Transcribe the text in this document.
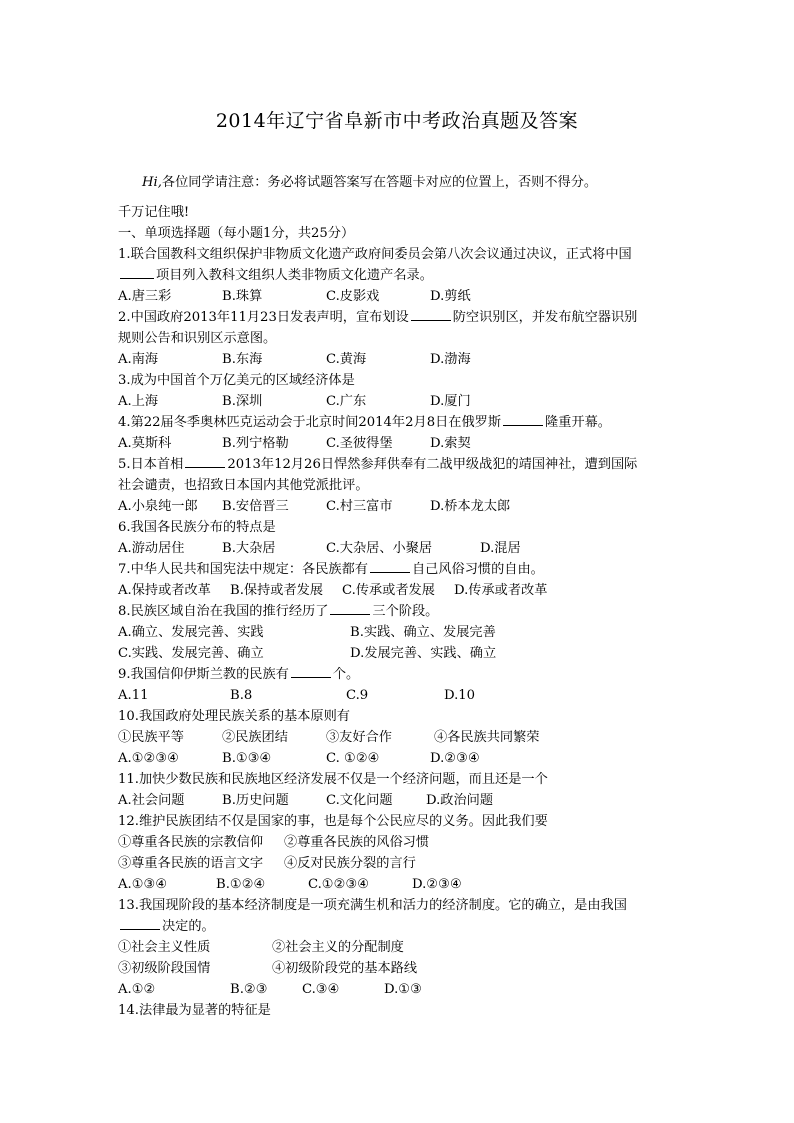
2014年辽宁省阜新市中考政治真题及答案
Hi,各位同学请注意：务必将试题答案写在答题卡对应的位置上，否则不得分。
千万记住哦!
一、单项选择题（每小题1分，共25分）
1.联合国教科文组织保护非物质文化遗产政府间委员会第八次会议通过决议，正式将中国
项目列入教科文组织人类非物质文化遗产名录。
A.唐三彩	B.珠算	C.皮影戏	D.剪纸
2.中国政府2013年11月23日发表声明，宣布划设	防空识别区，并发布航空器识别
规则公告和识别区示意图。
A.南海	B.东海	C.黄海	D.渤海
3.成为中国首个万亿美元的区域经济体是
A.上海	B.深圳	C.广东	D.厦门
4.第22届冬季奥林匹克运动会于北京时间2014年2月8日在俄罗斯	隆重开幕。
A.莫斯科	B.列宁格勒	C.圣彼得堡	D.索契
5.日本首相	2013年12月26日悍然参拜供奉有二战甲级战犯的靖国神社，遭到国际
社会谴责，也招致日本国内其他党派批评。
A.小泉纯一郎	B.安倍晋三	C.村三富市	D.桥本龙太郎
6.我国各民族分布的特点是
A.游动居住	B.大杂居	C.大杂居、小聚居	D.混居
7.中华人民共和国宪法中规定：各民族都有	自己风俗习惯的自由。
A.保持或者改革	B.保持或者发展	C.传承或者发展	D.传承或者改革
8.民族区域自治在我国的推行经历了	三个阶段。
A.确立、发展完善、实践	B.实践、确立、发展完善
C.实践、发展完善、确立	D.发展完善、实践、确立
9.我国信仰伊斯兰教的民族有	个。
A.11	B.8	C.9	D.10
10.我国政府处理民族关系的基本原则有
①民族平等	②民族团结	③友好合作	④各民族共同繁荣
A.①②③④	B.①③④	C. ①②④	D.②③④
11.加快少数民族和民族地区经济发展不仅是一个经济问题，而且还是一个
A.社会问题	B.历史问题	C.文化问题	D.政治问题
12.维护民族团结不仅是国家的事，也是每个公民应尽的义务。因此我们要
①尊重各民族的宗教信仰	②尊重各民族的风俗习惯
③尊重各民族的语言文字	④反对民族分裂的言行
A.①③④	B.①②④	C.①②③④	D.②③④
13.我国现阶段的基本经济制度是一项充满生机和活力的经济制度。它的确立，是由我国
决定的。
①社会主义性质	②社会主义的分配制度
③初级阶段国情	④初级阶段党的基本路线
A.①②	B.②③	C.③④	D.①③
14.法律最为显著的特征是
